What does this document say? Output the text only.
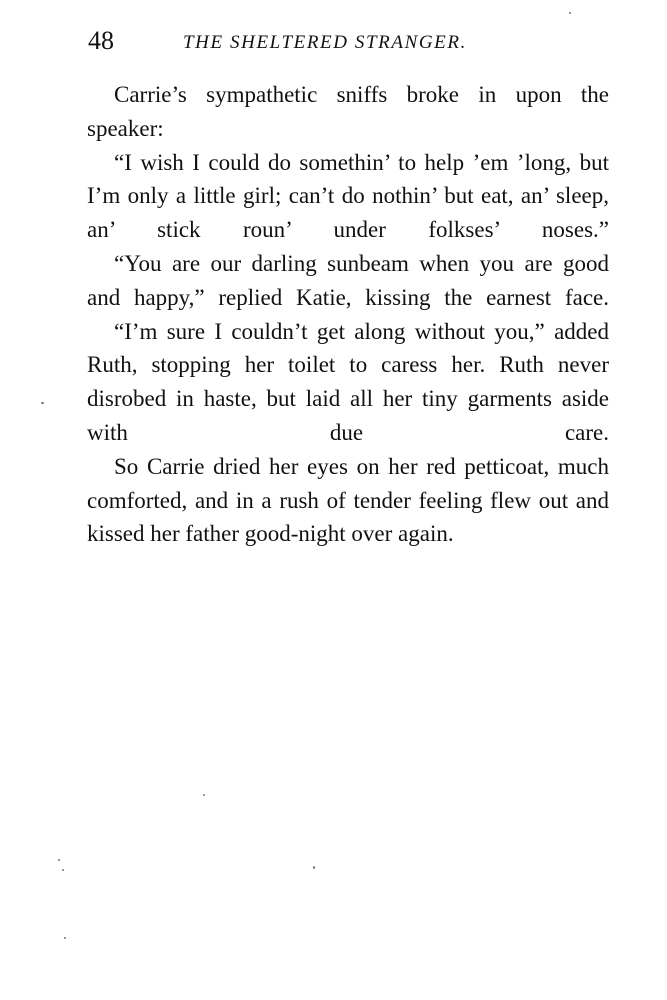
48	THE SHELTERED STRANGER.

Carrie’s sympathetic sniffs broke in upon the speaker:

“I wish I could do somethin’ to help ’em ’long, but I’m only a little girl; can’t do nothin’ but eat, an’ sleep, an’ stick roun’ under folkses’ noses.”

“You are our darling sunbeam when you are good and happy,” replied Katie, kissing the earnest face.

“I’m sure I couldn’t get along without you,” added Ruth, stopping her toilet to caress her. Ruth never disrobed in haste, but laid all her tiny garments aside with due care.

So Carrie dried her eyes on her red petticoat, much comforted, and in a rush of tender feeling flew out and kissed her father good-night over again.
